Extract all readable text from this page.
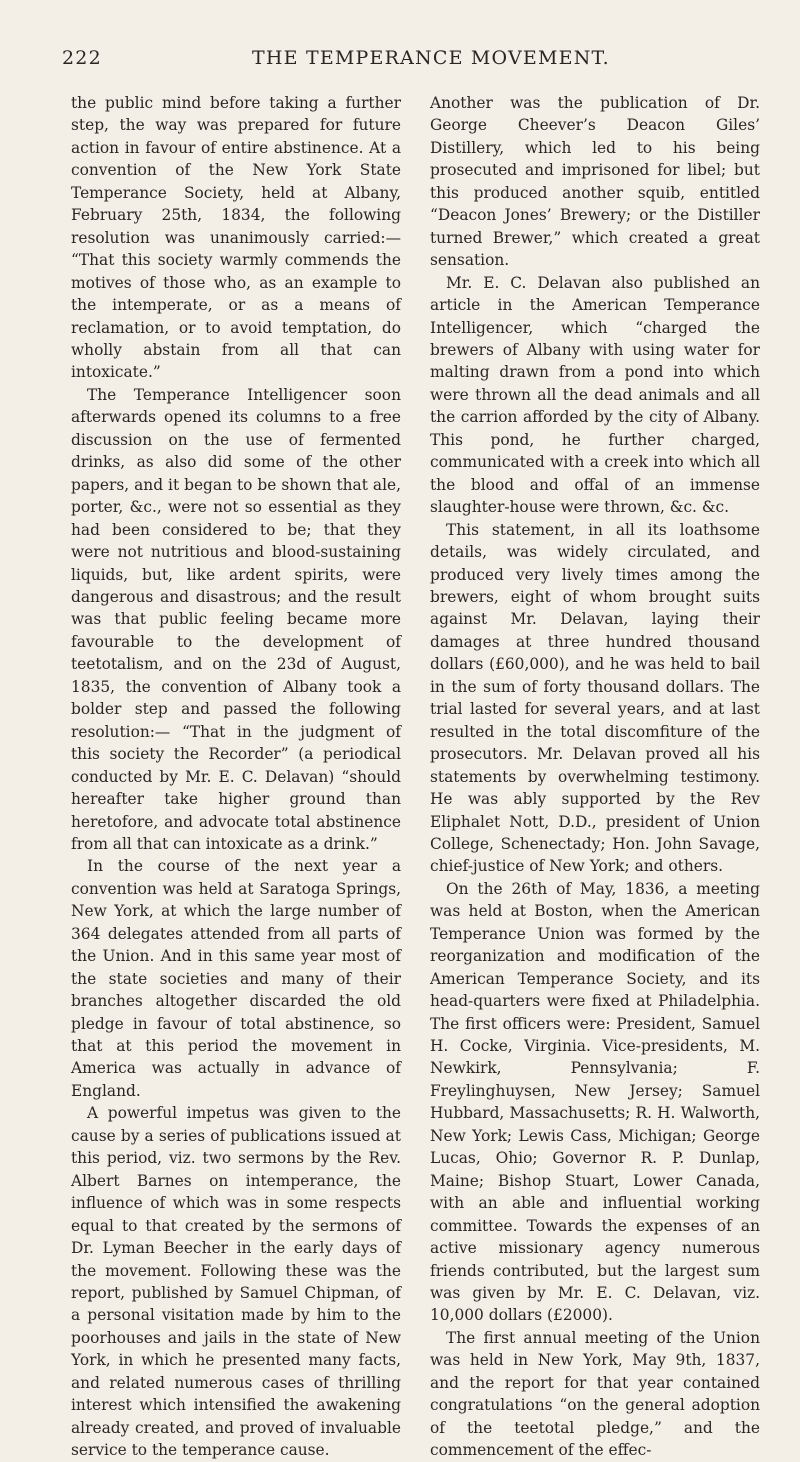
222	THE TEMPERANCE MOVEMENT.

the public mind before taking a further step, the way was prepared for future action in favour of entire abstinence. At a convention of the New York State Temperance Society, held at Albany, February 25th, 1834, the following resolution was unanimously carried:— “That this society warmly commends the motives of those who, as an example to the intemperate, or as a means of reclamation, or to avoid temptation, do wholly abstain from all that can intoxicate.”

The Temperance Intelligencer soon afterwards opened its columns to a free discussion on the use of fermented drinks, as also did some of the other papers, and it began to be shown that ale, porter, &c., were not so essential as they had been considered to be; that they were not nutritious and blood-sustaining liquids, but, like ardent spirits, were dangerous and disastrous; and the result was that public feeling became more favourable to the development of teetotalism, and on the 23d of August, 1835, the convention of Albany took a bolder step and passed the following resolution:— “That in the judgment of this society the Recorder” (a periodical conducted by Mr. E. C. Delavan) “should hereafter take higher ground than heretofore, and advocate total abstinence from all that can intoxicate as a drink.”

In the course of the next year a convention was held at Saratoga Springs, New York, at which the large number of 364 delegates attended from all parts of the Union. And in this same year most of the state societies and many of their branches altogether discarded the old pledge in favour of total abstinence, so that at this period the movement in America was actually in advance of England.

A powerful impetus was given to the cause by a series of publications issued at this period, viz. two sermons by the Rev. Albert Barnes on intemperance, the influence of which was in some respects equal to that created by the sermons of Dr. Lyman Beecher in the early days of the movement. Following these was the report, published by Samuel Chipman, of a personal visitation made by him to the poorhouses and jails in the state of New York, in which he presented many facts, and related numerous cases of thrilling interest which intensified the awakening already created, and proved of invaluable service to the temperance cause.

Another was the publication of Dr. George Cheever’s Deacon Giles’ Distillery, which led to his being prosecuted and imprisoned for libel; but this produced another squib, entitled “Deacon Jones’ Brewery; or the Distiller turned Brewer,” which created a great sensation.

Mr. E. C. Delavan also published an article in the American Temperance Intelligencer, which “charged the brewers of Albany with using water for malting drawn from a pond into which were thrown all the dead animals and all the carrion afforded by the city of Albany. This pond, he further charged, communicated with a creek into which all the blood and offal of an immense slaughter-house were thrown, &c. &c.

This statement, in all its loathsome details, was widely circulated, and produced very lively times among the brewers, eight of whom brought suits against Mr. Delavan, laying their damages at three hundred thousand dollars (£60,000), and he was held to bail in the sum of forty thousand dollars. The trial lasted for several years, and at last resulted in the total discomfiture of the prosecutors. Mr. Delavan proved all his statements by overwhelming testimony. He was ably supported by the Rev Eliphalet Nott, D.D., president of Union College, Schenectady; Hon. John Savage, chief-justice of New York; and others.

On the 26th of May, 1836, a meeting was held at Boston, when the American Temperance Union was formed by the reorganization and modification of the American Temperance Society, and its head-quarters were fixed at Philadelphia. The first officers were: President, Samuel H. Cocke, Virginia. Vice-presidents, M. Newkirk, Pennsylvania; F. Freylinghuysen, New Jersey; Samuel Hubbard, Massachusetts; R. H. Walworth, New York; Lewis Cass, Michigan; George Lucas, Ohio; Governor R. P. Dunlap, Maine; Bishop Stuart, Lower Canada, with an able and influential working committee. Towards the expenses of an active missionary agency numerous friends contributed, but the largest sum was given by Mr. E. C. Delavan, viz. 10,000 dollars (£2000).

The first annual meeting of the Union was held in New York, May 9th, 1837, and the report for that year contained congratulations “on the general adoption of the teetotal pledge,” and the commencement of the effec-
